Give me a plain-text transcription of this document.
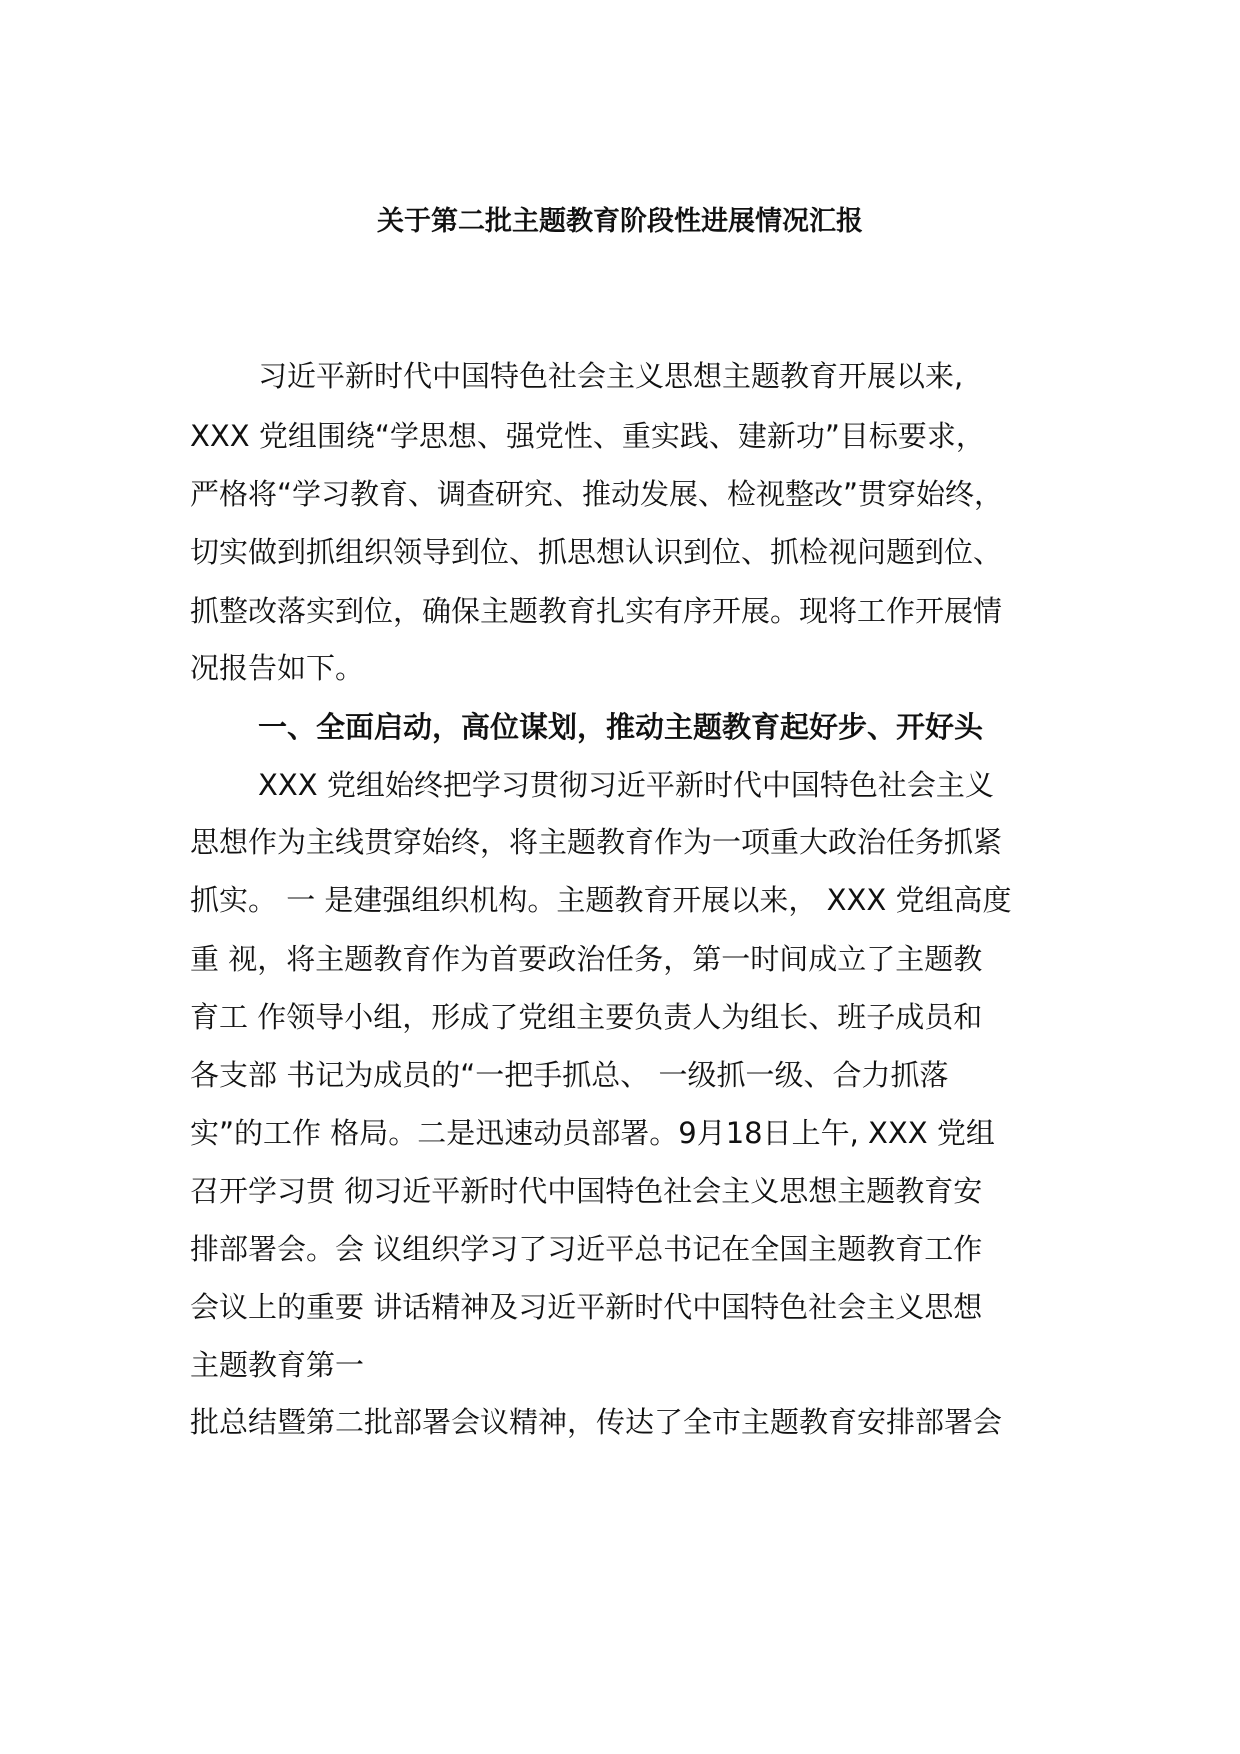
关于第二批主题教育阶段性进展情况汇报
习近平新时代中国特色社会主义思想主题教育开展以来,
XXX 党组围绕“学思想、强党性、重实践、建新功”目标要求，
严格将“学习教育、调查研究、推动发展、检视整改”贯穿始终，
切实做到抓组织领导到位、抓思想认识到位、抓检视问题到位、
抓整改落实到位，确保主题教育扎实有序开展。现将工作开展情
况报告如下。
一、全面启动，高位谋划，推动主题教育起好步、开好头
XXX 党组始终把学习贯彻习近平新时代中国特色社会主义
思想作为主线贯穿始终，将主题教育作为一项重大政治任务抓紧
抓实。 一 是建强组织机构。主题教育开展以来， XXX 党组高度
重 视，将主题教育作为首要政治任务，第一时间成立了主题教
育工 作领导小组，形成了党组主要负责人为组长、班子成员和
各支部 书记为成员的“一把手抓总、 一级抓一级、合力抓落
实”的工作 格局。二是迅速动员部署。9月18日上午, XXX 党组
召开学习贯 彻习近平新时代中国特色社会主义思想主题教育安
排部署会。会 议组织学习了习近平总书记在全国主题教育工作
会议上的重要 讲话精神及习近平新时代中国特色社会主义思想
主题教育第一
批总结暨第二批部署会议精神，传达了全市主题教育安排部署会
